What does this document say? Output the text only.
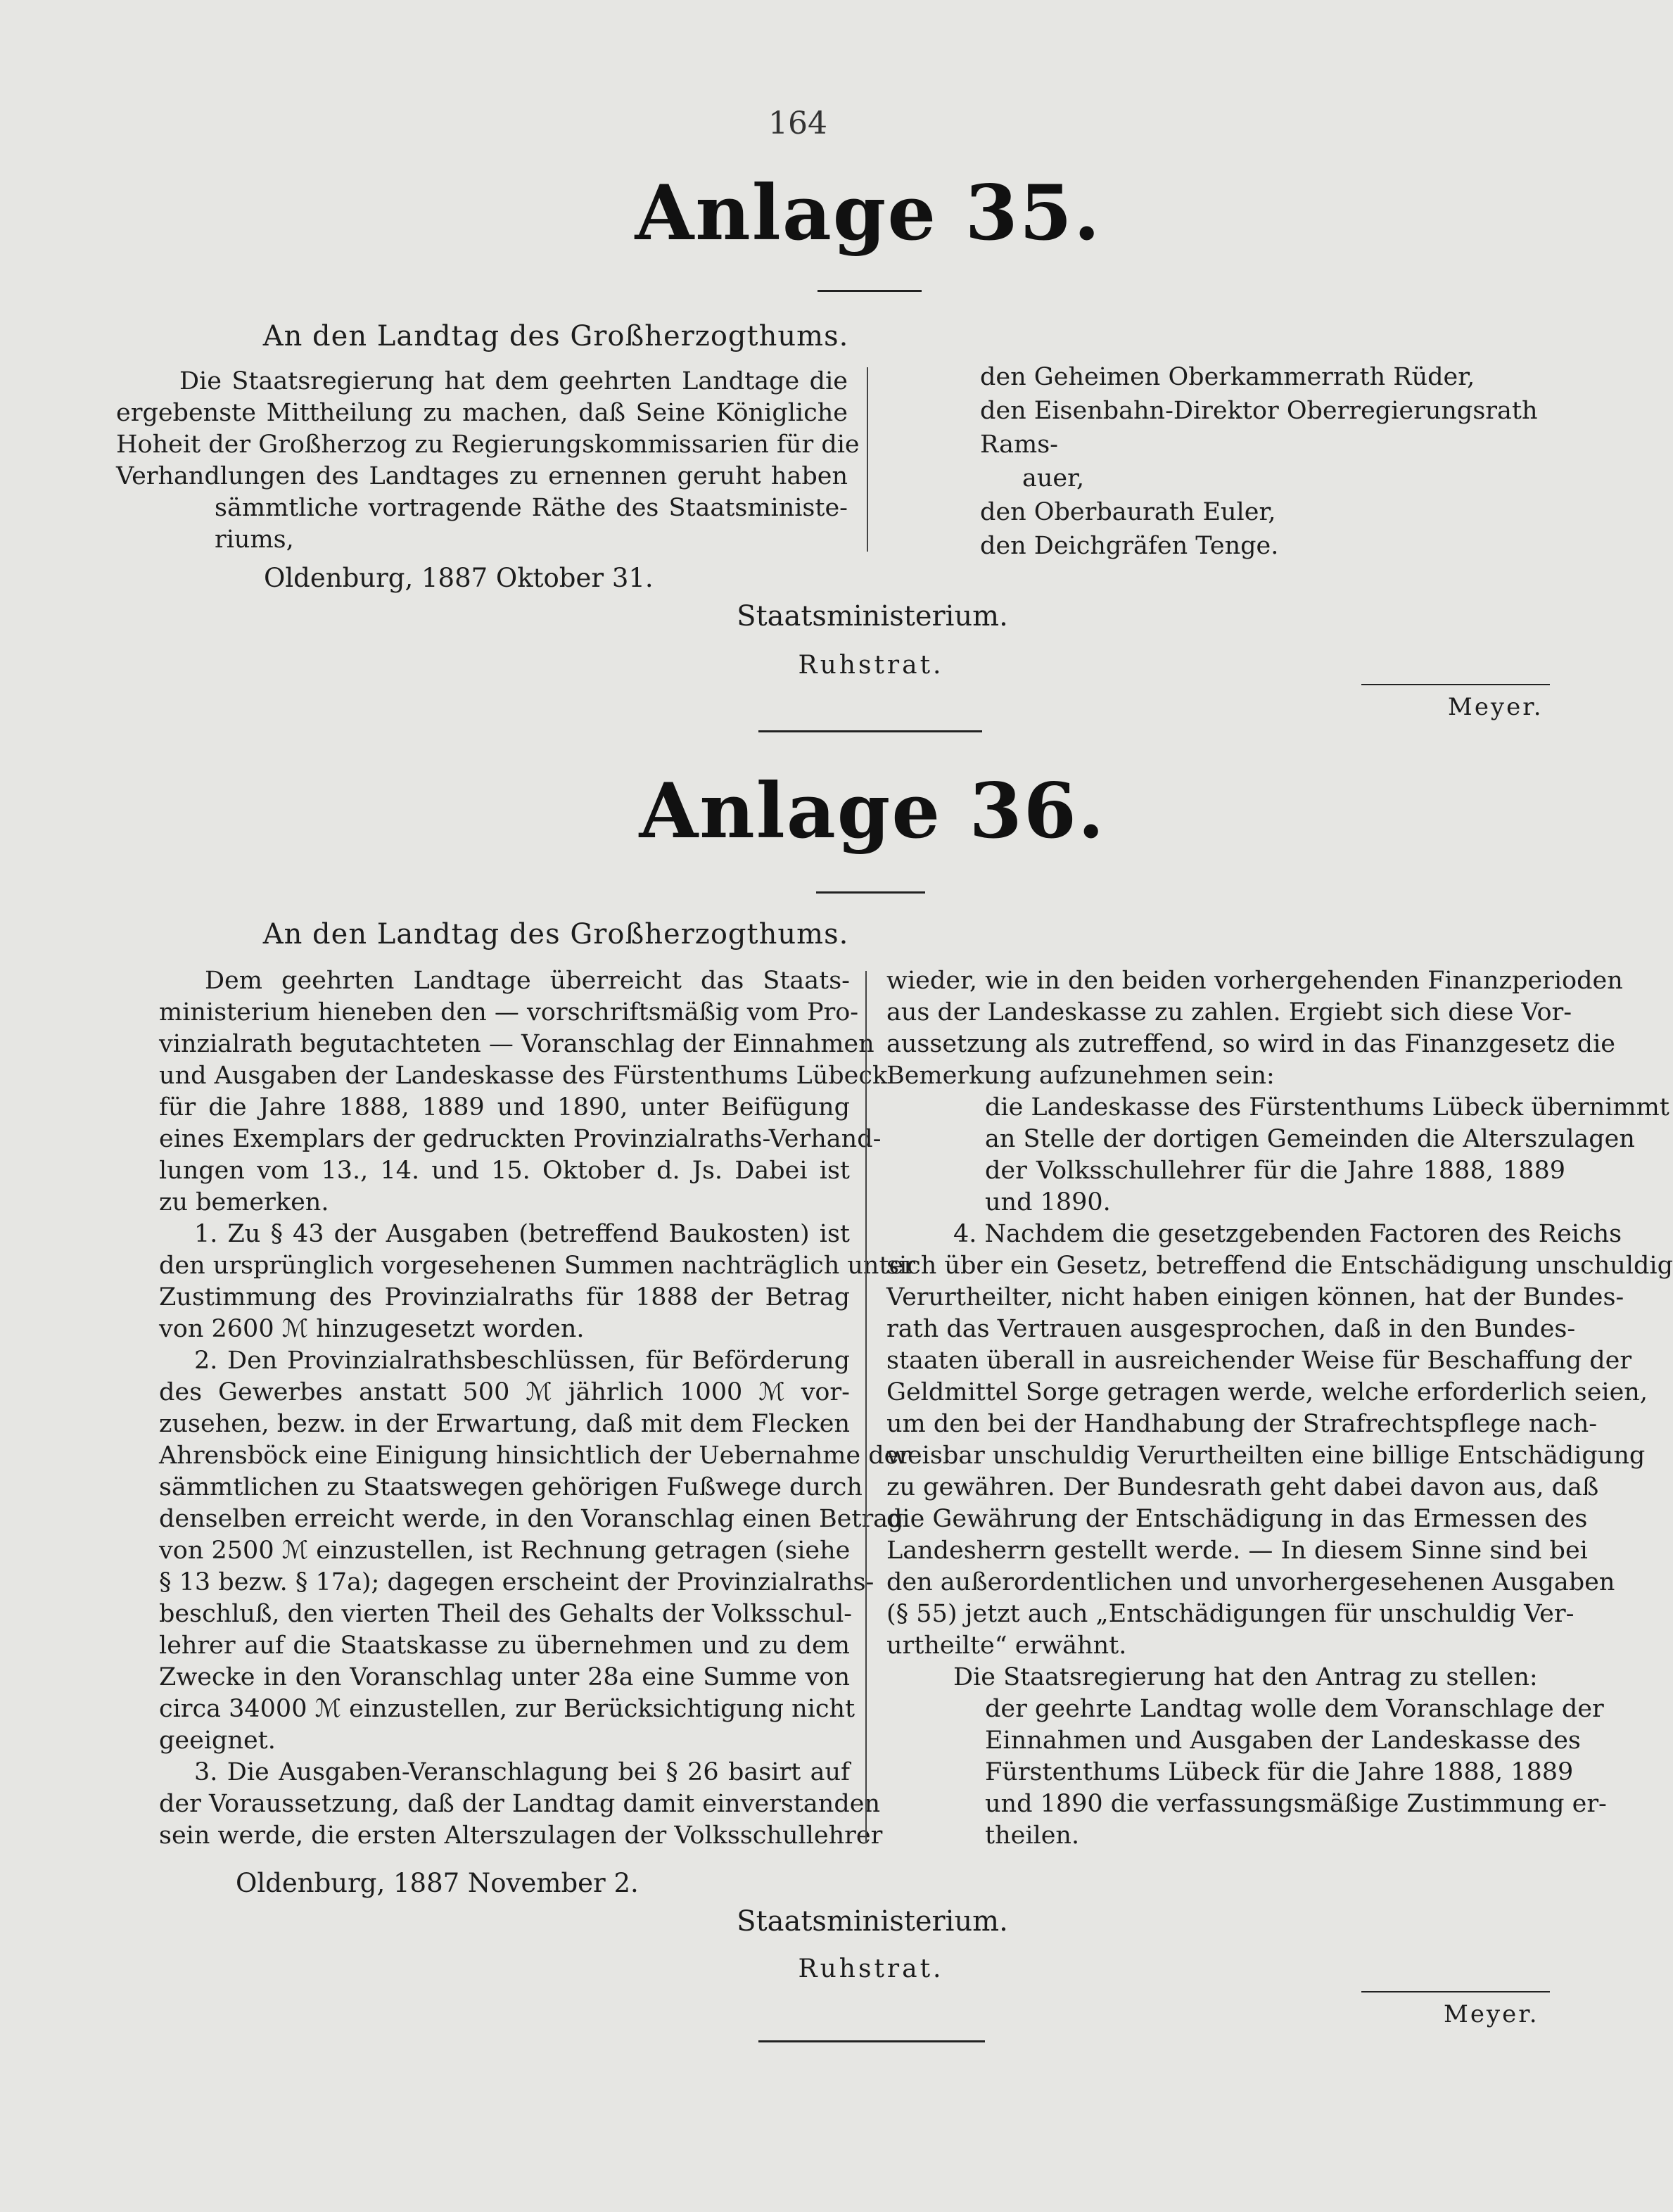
164
Anlage 35.
An den Landtag des Großherzogthums.
Die Staatsregierung hat dem geehrten Landtage die
ergebenste Mittheilung zu machen, daß Seine Königliche
Hoheit der Großherzog zu Regierungskommissarien für die
Verhandlungen des Landtages zu ernennen geruht haben
sämmtliche vortragende Räthe des Staatsministe-
riums,

den Geheimen Oberkammerrath Rüder,

den Eisenbahn-Direktor Oberregierungsrath Rams-

auer,

den Oberbaurath Euler,

den Deichgräfen Tenge.

Oldenburg, 1887 Oktober 31.
Staatsministerium.
Ruhstrat.
Meyer.
Anlage 36.
An den Landtag des Großherzogthums.
Dem geehrten Landtage überreicht das Staats-
ministerium hieneben den — vorschriftsmäßig vom Pro-
vinzialrath begutachteten — Voranschlag der Einnahmen
und Ausgaben der Landeskasse des Fürstenthums Lübeck
für die Jahre 1888, 1889 und 1890, unter Beifügung
eines Exemplars der gedruckten Provinzialraths-Verhand-
lungen vom 13., 14. und 15. Oktober d. Js. Dabei ist
zu bemerken.
1. Zu § 43 der Ausgaben (betreffend Baukosten) ist
den ursprünglich vorgesehenen Summen nachträglich unter
Zustimmung des Provinzialraths für 1888 der Betrag
von 2600 ℳ hinzugesetzt worden.
2. Den Provinzialrathsbeschlüssen, für Beförderung
des Gewerbes anstatt 500 ℳ jährlich 1000 ℳ vor-
zusehen, bezw. in der Erwartung, daß mit dem Flecken
Ahrensböck eine Einigung hinsichtlich der Uebernahme der
sämmtlichen zu Staatswegen gehörigen Fußwege durch
denselben erreicht werde, in den Voranschlag einen Betrag
von 2500 ℳ einzustellen, ist Rechnung getragen (siehe
§ 13 bezw. § 17a); dagegen erscheint der Provinzialraths-
beschluß, den vierten Theil des Gehalts der Volksschul-
lehrer auf die Staatskasse zu übernehmen und zu dem
Zwecke in den Voranschlag unter 28a eine Summe von
circa 34000 ℳ einzustellen, zur Berücksichtigung nicht
geeignet.
3. Die Ausgaben-Veranschlagung bei § 26 basirt auf
der Voraussetzung, daß der Landtag damit einverstanden
sein werde, die ersten Alterszulagen der Volksschullehrer
wieder, wie in den beiden vorhergehenden Finanzperioden
aus der Landeskasse zu zahlen. Ergiebt sich diese Vor-
aussetzung als zutreffend, so wird in das Finanzgesetz die
Bemerkung aufzunehmen sein:
die Landeskasse des Fürstenthums Lübeck übernimmt
an Stelle der dortigen Gemeinden die Alterszulagen
der Volksschullehrer für die Jahre 1888, 1889
und 1890.
4. Nachdem die gesetzgebenden Factoren des Reichs
sich über ein Gesetz, betreffend die Entschädigung unschuldig
Verurtheilter, nicht haben einigen können, hat der Bundes-
rath das Vertrauen ausgesprochen, daß in den Bundes-
staaten überall in ausreichender Weise für Beschaffung der
Geldmittel Sorge getragen werde, welche erforderlich seien,
um den bei der Handhabung der Strafrechtspflege nach-
weisbar unschuldig Verurtheilten eine billige Entschädigung
zu gewähren. Der Bundesrath geht dabei davon aus, daß
die Gewährung der Entschädigung in das Ermessen des
Landesherrn gestellt werde. — In diesem Sinne sind bei
den außerordentlichen und unvorhergesehenen Ausgaben
(§ 55) jetzt auch „Entschädigungen für unschuldig Ver-
urtheilte“ erwähnt.
Die Staatsregierung hat den Antrag zu stellen:
der geehrte Landtag wolle dem Voranschlage der
Einnahmen und Ausgaben der Landeskasse des
Fürstenthums Lübeck für die Jahre 1888, 1889
und 1890 die verfassungsmäßige Zustimmung er-
theilen.
Oldenburg, 1887 November 2.
Staatsministerium.
Ruhstrat.
Meyer.
